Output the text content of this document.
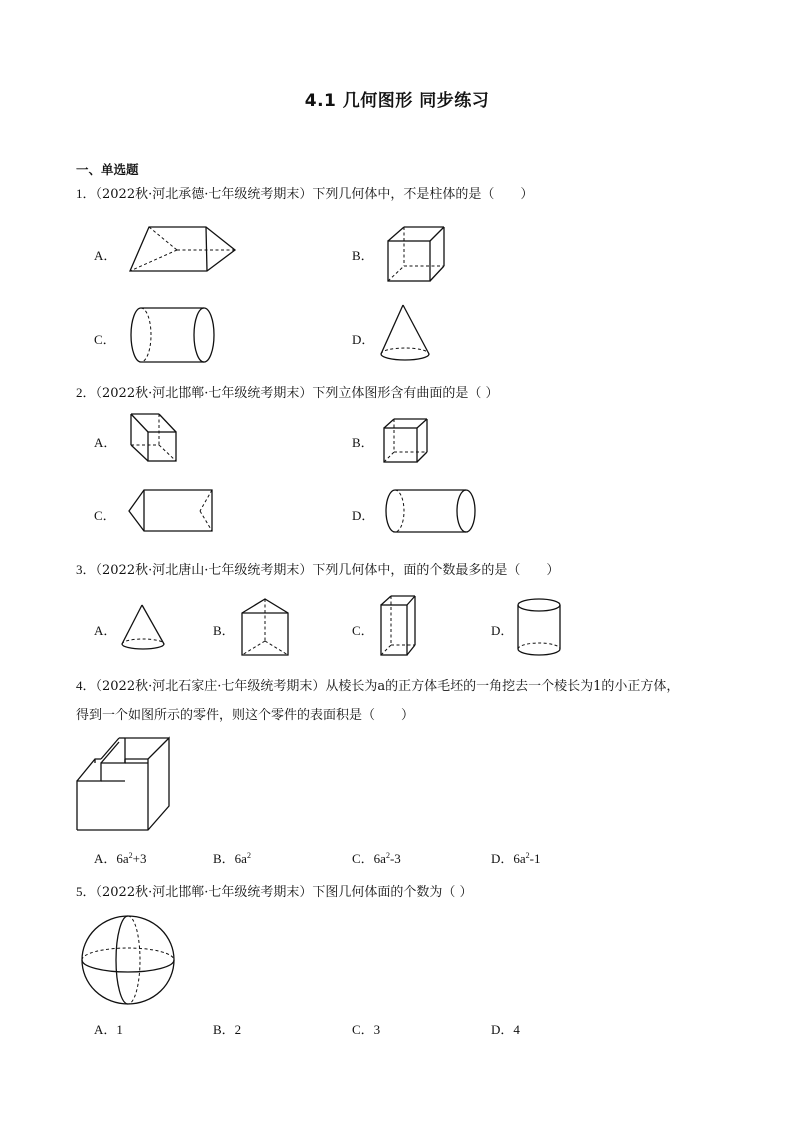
4.1 几何图形 同步练习
一、单选题
1．（2022秋·河北承德·七年级统考期末）下列几何体中，不是柱体的是（　　）
A．	B．
C．	D．
2．（2022秋·河北邯郸·七年级统考期末）下列立体图形含有曲面的是（ ）
A．	B．
C．	D．
3．（2022秋·河北唐山·七年级统考期末）下列几何体中，面的个数最多的是（　　）
A．	B．	C．	D．
4．（2022秋·河北石家庄·七年级统考期末）从棱长为a的正方体毛坯的一角挖去一个棱长为1的小正方体，
得到一个如图所示的零件，则这个零件的表面积是（　　）
A．$6a^2+3$	B．$6a^2$	C．$6a^2-3$	D．$6a^2-1$
5．（2022秋·河北邯郸·七年级统考期末）下图几何体面的个数为（ ）
A．1	B．2	C．3	D．4
